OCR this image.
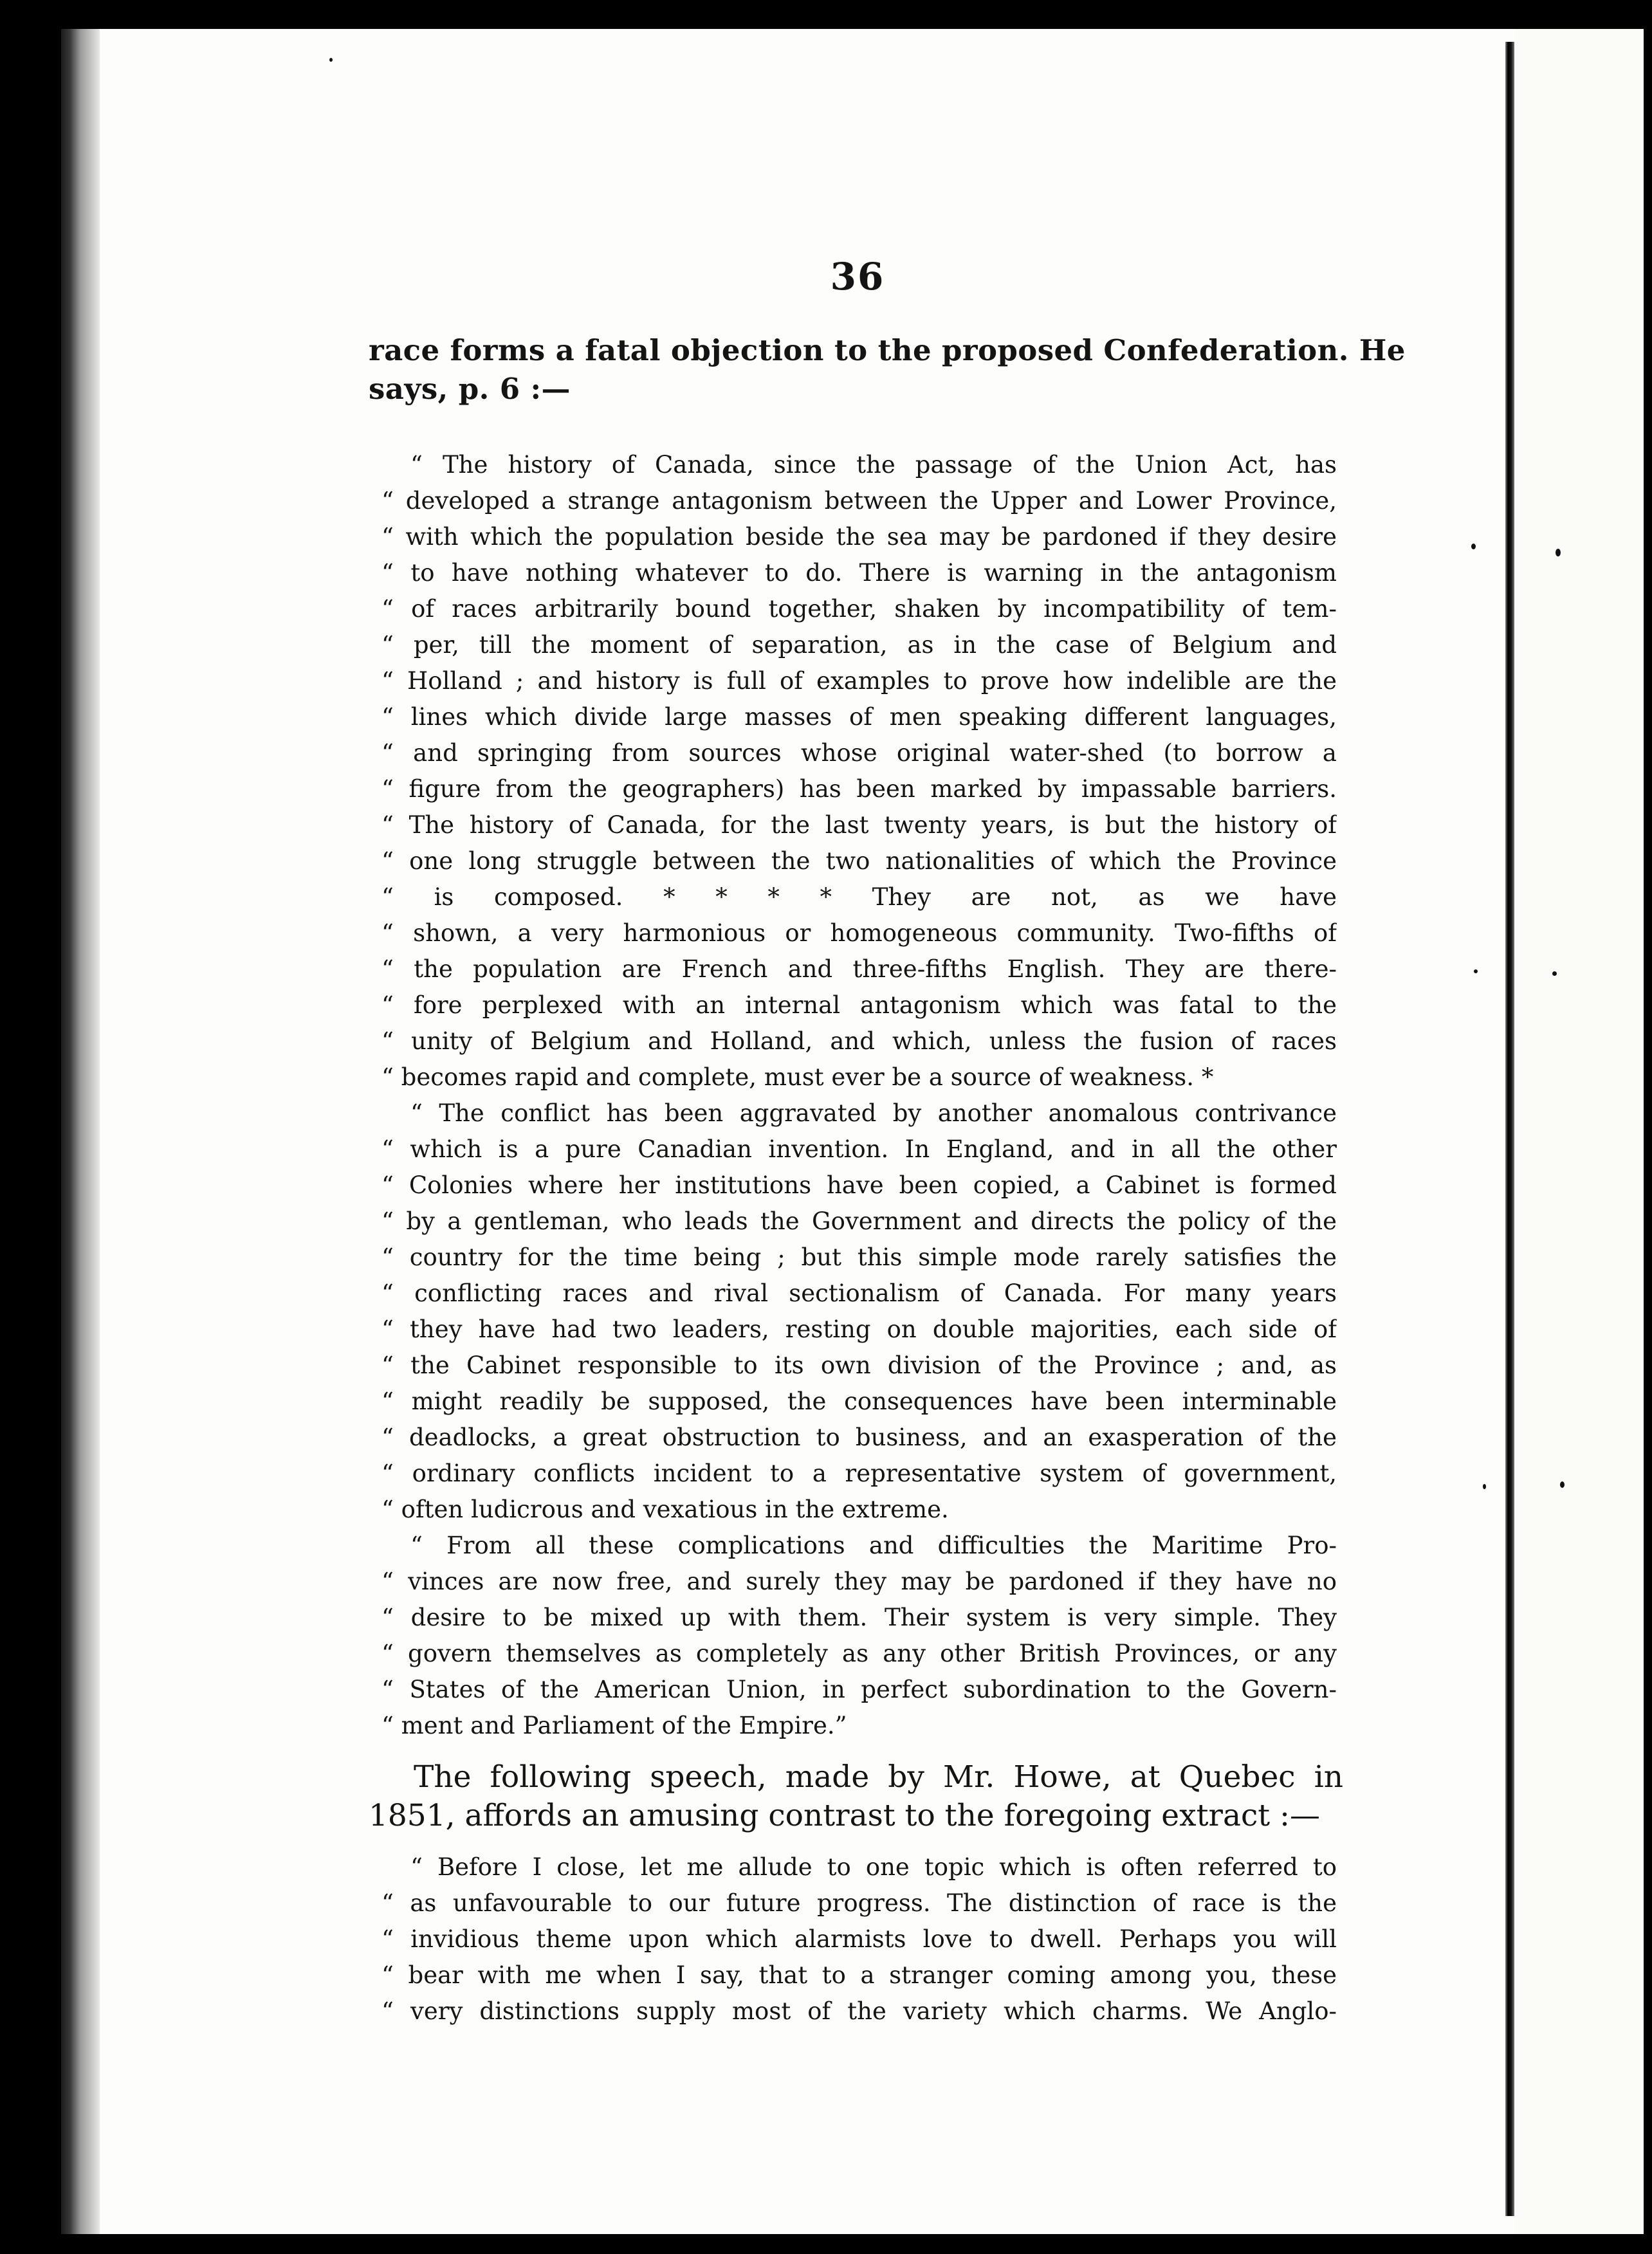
36
race forms a fatal objection to the proposed Confederation. He
says, p. 6 :—
“ The history of Canada, since the passage of the Union Act, has
“ developed a strange antagonism between the Upper and Lower Province,
“ with which the population beside the sea may be pardoned if they desire
“ to have nothing whatever to do. There is warning in the antagonism
“ of races arbitrarily bound together, shaken by incompatibility of tem-
“ per, till the moment of separation, as in the case of Belgium and
“ Holland ; and history is full of examples to prove how indelible are the
“ lines which divide large masses of men speaking different languages,
“ and springing from sources whose original water-shed (to borrow a
“ figure from the geographers) has been marked by impassable barriers.
“ The history of Canada, for the last twenty years, is but the history of
“ one long struggle between the two nationalities of which the Province
“ is composed. * * * * They are not, as we have
“ shown, a very harmonious or homogeneous community. Two-fifths of
“ the population are French and three-fifths English. They are there-
“ fore perplexed with an internal antagonism which was fatal to the
“ unity of Belgium and Holland, and which, unless the fusion of races
“ becomes rapid and complete, must ever be a source of weakness. *
“ The conflict has been aggravated by another anomalous contrivance
“ which is a pure Canadian invention. In England, and in all the other
“ Colonies where her institutions have been copied, a Cabinet is formed
“ by a gentleman, who leads the Government and directs the policy of the
“ country for the time being ; but this simple mode rarely satisfies the
“ conflicting races and rival sectionalism of Canada. For many years
“ they have had two leaders, resting on double majorities, each side of
“ the Cabinet responsible to its own division of the Province ; and, as
“ might readily be supposed, the consequences have been interminable
“ deadlocks, a great obstruction to business, and an exasperation of the
“ ordinary conflicts incident to a representative system of government,
“ often ludicrous and vexatious in the extreme.
“ From all these complications and difficulties the Maritime Pro-
“ vinces are now free, and surely they may be pardoned if they have no
“ desire to be mixed up with them. Their system is very simple. They
“ govern themselves as completely as any other British Provinces, or any
“ States of the American Union, in perfect subordination to the Govern-
“ ment and Parliament of the Empire.”
The following speech, made by Mr. Howe, at Quebec in
1851, affords an amusing contrast to the foregoing extract :—
“ Before I close, let me allude to one topic which is often referred to
“ as unfavourable to our future progress. The distinction of race is the
“ invidious theme upon which alarmists love to dwell. Perhaps you will
“ bear with me when I say, that to a stranger coming among you, these
“ very distinctions supply most of the variety which charms. We Anglo-
